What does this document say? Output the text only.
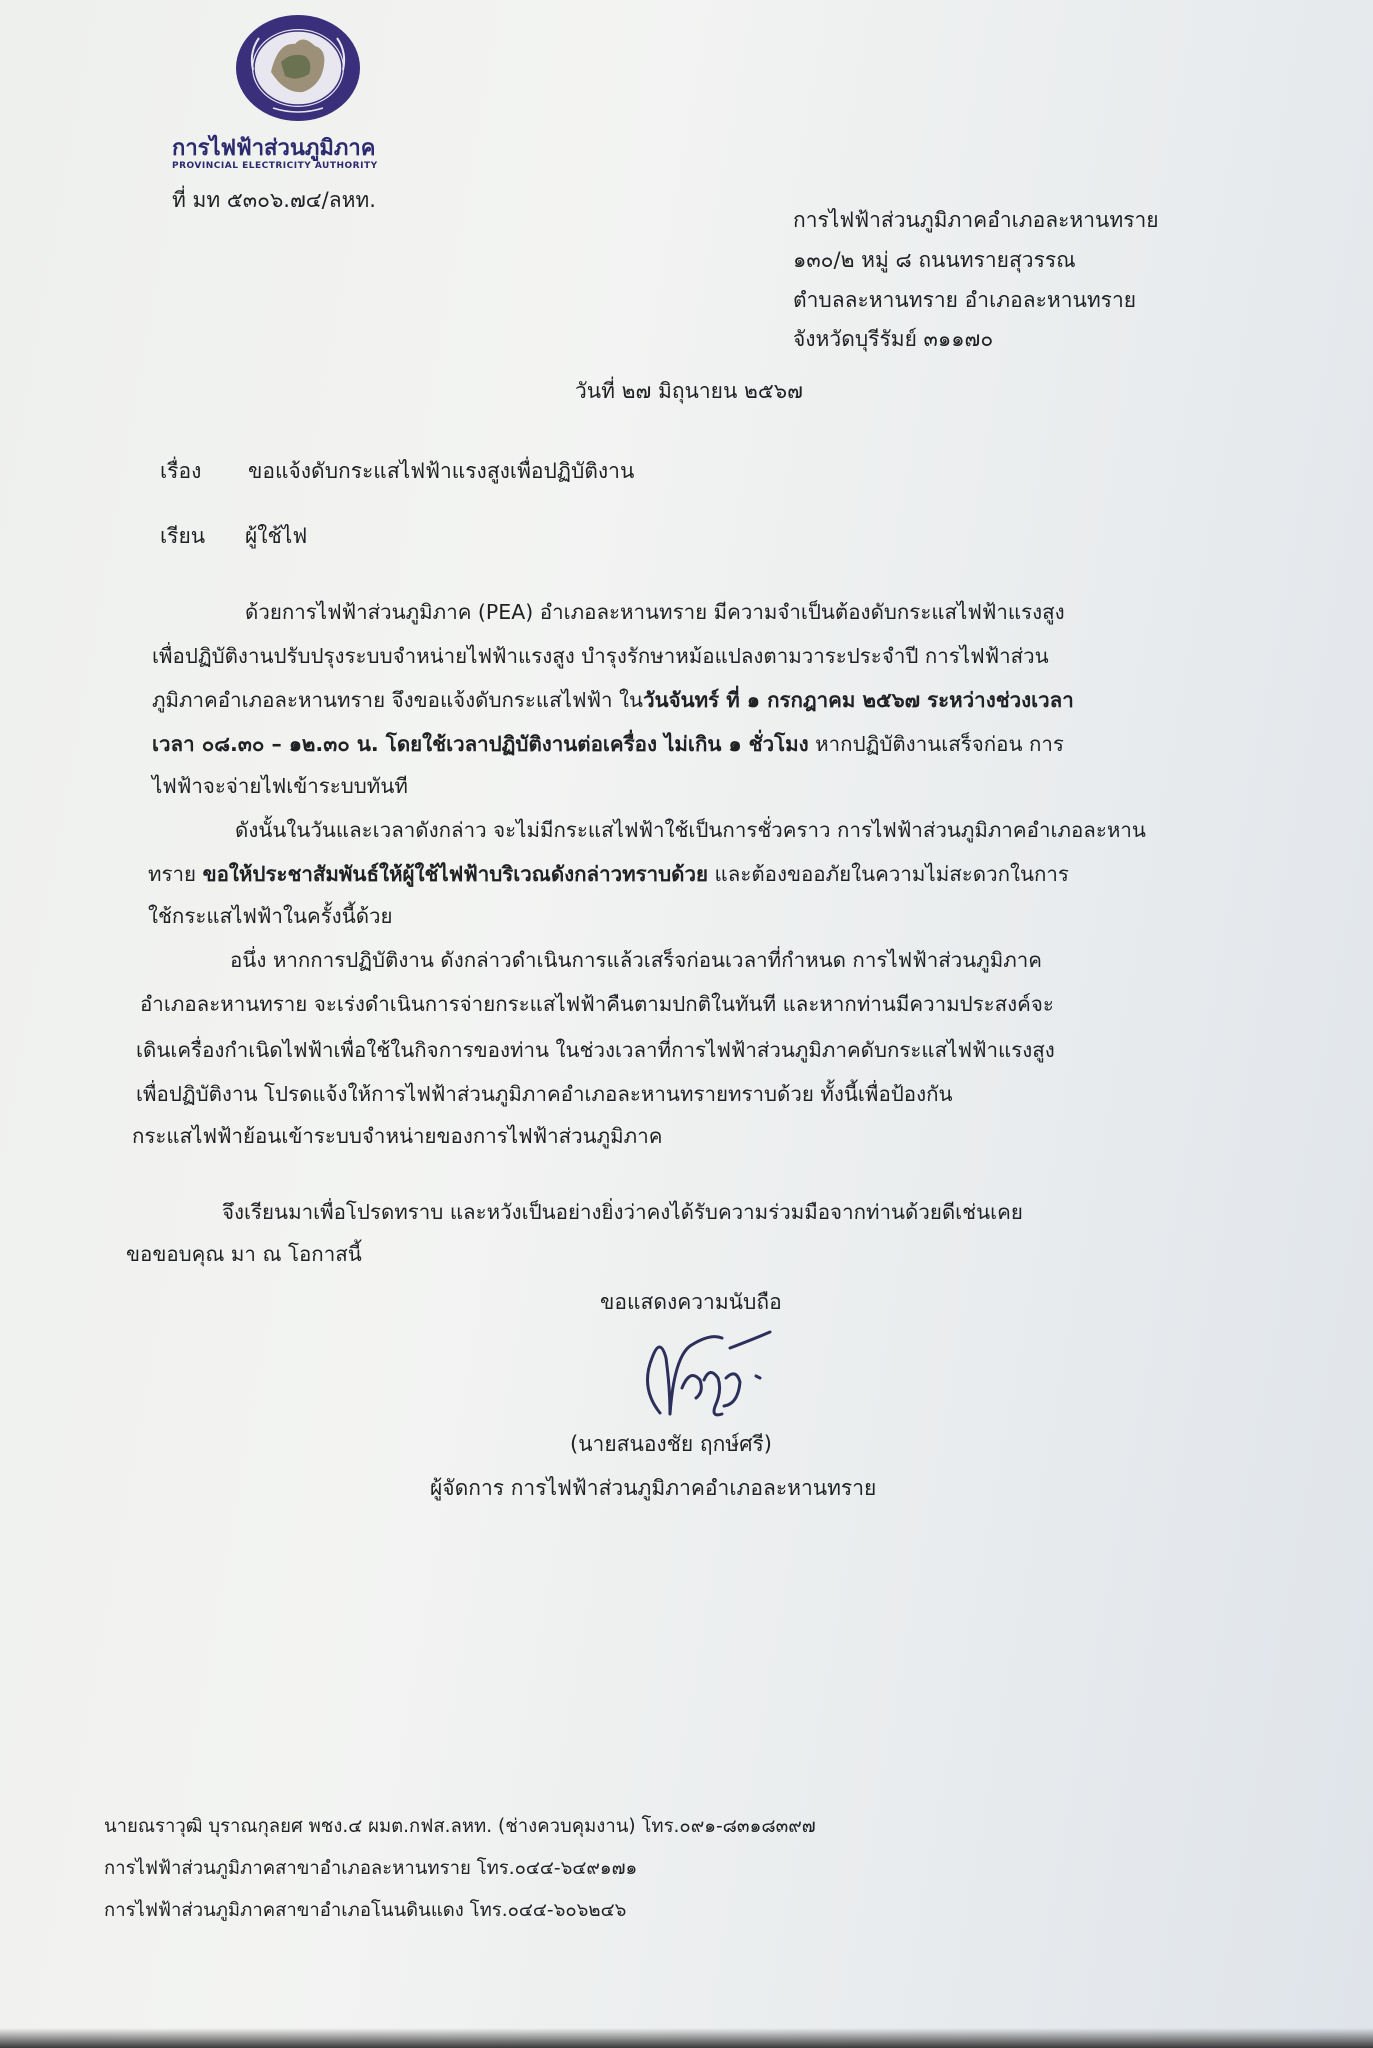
การไฟฟ้าส่วนภูมิภาค
PROVINCIAL ELECTRICITY AUTHORITY
ที่ มท ๕๓๐๖.๗๔/ลหท.
การไฟฟ้าส่วนภูมิภาคอำเภอละหานทราย
๑๓๐/๒ หมู่ ๘ ถนนทรายสุวรรณ
ตำบลละหานทราย อำเภอละหานทราย
จังหวัดบุรีรัมย์ ๓๑๑๗๐
วันที่ ๒๗ มิถุนายน ๒๕๖๗
เรื่อง ขอแจ้งดับกระแสไฟฟ้าแรงสูงเพื่อปฏิบัติงาน
เรียน ผู้ใช้ไฟ
ด้วยการไฟฟ้าส่วนภูมิภาค (PEA) อำเภอละหานทราย มีความจำเป็นต้องดับกระแสไฟฟ้าแรงสูง
เพื่อปฏิบัติงานปรับปรุงระบบจำหน่ายไฟฟ้าแรงสูง บำรุงรักษาหม้อแปลงตามวาระประจำปี การไฟฟ้าส่วน
ภูมิภาคอำเภอละหานทราย จึงขอแจ้งดับกระแสไฟฟ้า ในวันจันทร์ ที่ ๑ กรกฎาคม ๒๕๖๗ ระหว่างช่วงเวลา
เวลา ๐๘.๓๐ – ๑๒.๓๐ น. โดยใช้เวลาปฏิบัติงานต่อเครื่อง ไม่เกิน ๑ ชั่วโมง หากปฏิบัติงานเสร็จก่อน การ
ไฟฟ้าจะจ่ายไฟเข้าระบบทันที
ดังนั้นในวันและเวลาดังกล่าว จะไม่มีกระแสไฟฟ้าใช้เป็นการชั่วคราว การไฟฟ้าส่วนภูมิภาคอำเภอละหาน
ทราย ขอให้ประชาสัมพันธ์ให้ผู้ใช้ไฟฟ้าบริเวณดังกล่าวทราบด้วย และต้องขออภัยในความไม่สะดวกในการ
ใช้กระแสไฟฟ้าในครั้งนี้ด้วย
อนึ่ง หากการปฏิบัติงาน ดังกล่าวดำเนินการแล้วเสร็จก่อนเวลาที่กำหนด การไฟฟ้าส่วนภูมิภาค
อำเภอละหานทราย จะเร่งดำเนินการจ่ายกระแสไฟฟ้าคืนตามปกติในทันที และหากท่านมีความประสงค์จะ
เดินเครื่องกำเนิดไฟฟ้าเพื่อใช้ในกิจการของท่าน ในช่วงเวลาที่การไฟฟ้าส่วนภูมิภาคดับกระแสไฟฟ้าแรงสูง
เพื่อปฏิบัติงาน โปรดแจ้งให้การไฟฟ้าส่วนภูมิภาคอำเภอละหานทรายทราบด้วย ทั้งนี้เพื่อป้องกัน
กระแสไฟฟ้าย้อนเข้าระบบจำหน่ายของการไฟฟ้าส่วนภูมิภาค
จึงเรียนมาเพื่อโปรดทราบ และหวังเป็นอย่างยิ่งว่าคงได้รับความร่วมมือจากท่านด้วยดีเช่นเคย
ขอขอบคุณ มา ณ โอกาสนี้
ขอแสดงความนับถือ
(นายสนองชัย ฤกษ์ศรี)
ผู้จัดการ การไฟฟ้าส่วนภูมิภาคอำเภอละหานทราย
นายณราวุฒิ บุราณกุลยศ พชง.๔ ผมต.กฟส.ลหท. (ช่างควบคุมงาน) โทร.๐๙๑-๘๓๑๘๓๙๗
การไฟฟ้าส่วนภูมิภาคสาขาอำเภอละหานทราย โทร.๐๔๔-๖๔๙๑๗๑
การไฟฟ้าส่วนภูมิภาคสาขาอำเภอโนนดินแดง โทร.๐๔๔-๖๐๖๒๔๖
